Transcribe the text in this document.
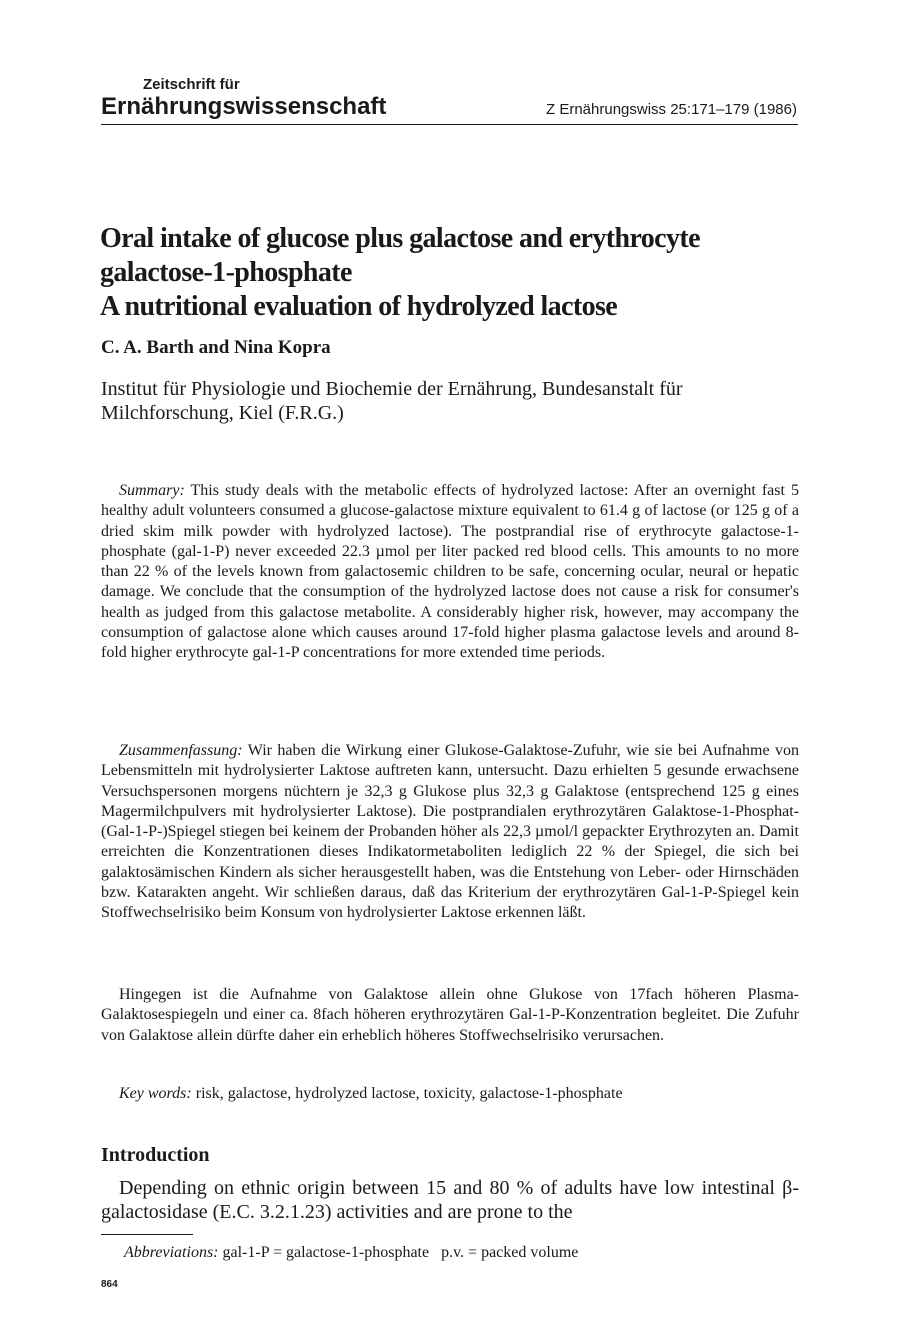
Zeitschrift für
Ernährungswissenschaft	Z Ernährungswiss 25:171–179 (1986)
Oral intake of glucose plus galactose and erythrocyte
galactose-1-phosphate
A nutritional evaluation of hydrolyzed lactose
C. A. Barth and Nina Kopra
Institut für Physiologie und Biochemie der Ernährung, Bundesanstalt für
Milchforschung, Kiel (F.R.G.)

Summary: This study deals with the metabolic effects of hydrolyzed lactose: After an overnight fast 5 healthy adult volunteers consumed a glucose-galactose mixture equivalent to 61.4 g of lactose (or 125 g of a dried skim milk powder with hydrolyzed lactose). The postprandial rise of erythrocyte galactose-1-phosphate (gal-1-P) never exceeded 22.3 µmol per liter packed red blood cells. This amounts to no more than 22 % of the levels known from galactosemic children to be safe, concerning ocular, neural or hepatic damage. We conclude that the consumption of the hydrolyzed lactose does not cause a risk for consumer's health as judged from this galactose metabolite. A considerably higher risk, however, may accompany the consumption of galactose alone which causes around 17-fold higher plasma galactose levels and around 8-fold higher erythrocyte gal-1-P concentrations for more extended time periods.

Zusammenfassung: Wir haben die Wirkung einer Glukose-Galaktose-Zufuhr, wie sie bei Aufnahme von Lebensmitteln mit hydrolysierter Laktose auftreten kann, untersucht. Dazu erhielten 5 gesunde erwachsene Versuchspersonen morgens nüchtern je 32,3 g Glukose plus 32,3 g Galaktose (entsprechend 125 g eines Magermilchpulvers mit hydrolysierter Laktose). Die postprandialen erythrozytären Galaktose-1-Phosphat-(Gal-1-P-)Spiegel stiegen bei keinem der Probanden höher als 22,3 µmol/l gepackter Erythrozyten an. Damit erreichten die Konzentrationen dieses Indikatormetaboliten lediglich 22 % der Spiegel, die sich bei galaktosämischen Kindern als sicher herausgestellt haben, was die Entstehung von Leber- oder Hirnschäden bzw. Katarakten angeht. Wir schließen daraus, daß das Kriterium der erythrozytären Gal-1-P-Spiegel kein Stoffwechselrisiko beim Konsum von hydrolysierter Laktose erkennen läßt.

Hingegen ist die Aufnahme von Galaktose allein ohne Glukose von 17fach höheren Plasma-Galaktosespiegeln und einer ca. 8fach höheren erythrozytären Gal-1-P-Konzentration begleitet. Die Zufuhr von Galaktose allein dürfte daher ein erheblich höheres Stoffwechselrisiko verursachen.

Key words: risk, galactose, hydrolyzed lactose, toxicity, galactose-1-phosphate

Introduction

Depending on ethnic origin between 15 and 80 % of adults have low intestinal β-galactosidase (E.C. 3.2.1.23) activities and are prone to the

Abbreviations: gal-1-P = galactose-1-phosphate   p.v. = packed volume
864
